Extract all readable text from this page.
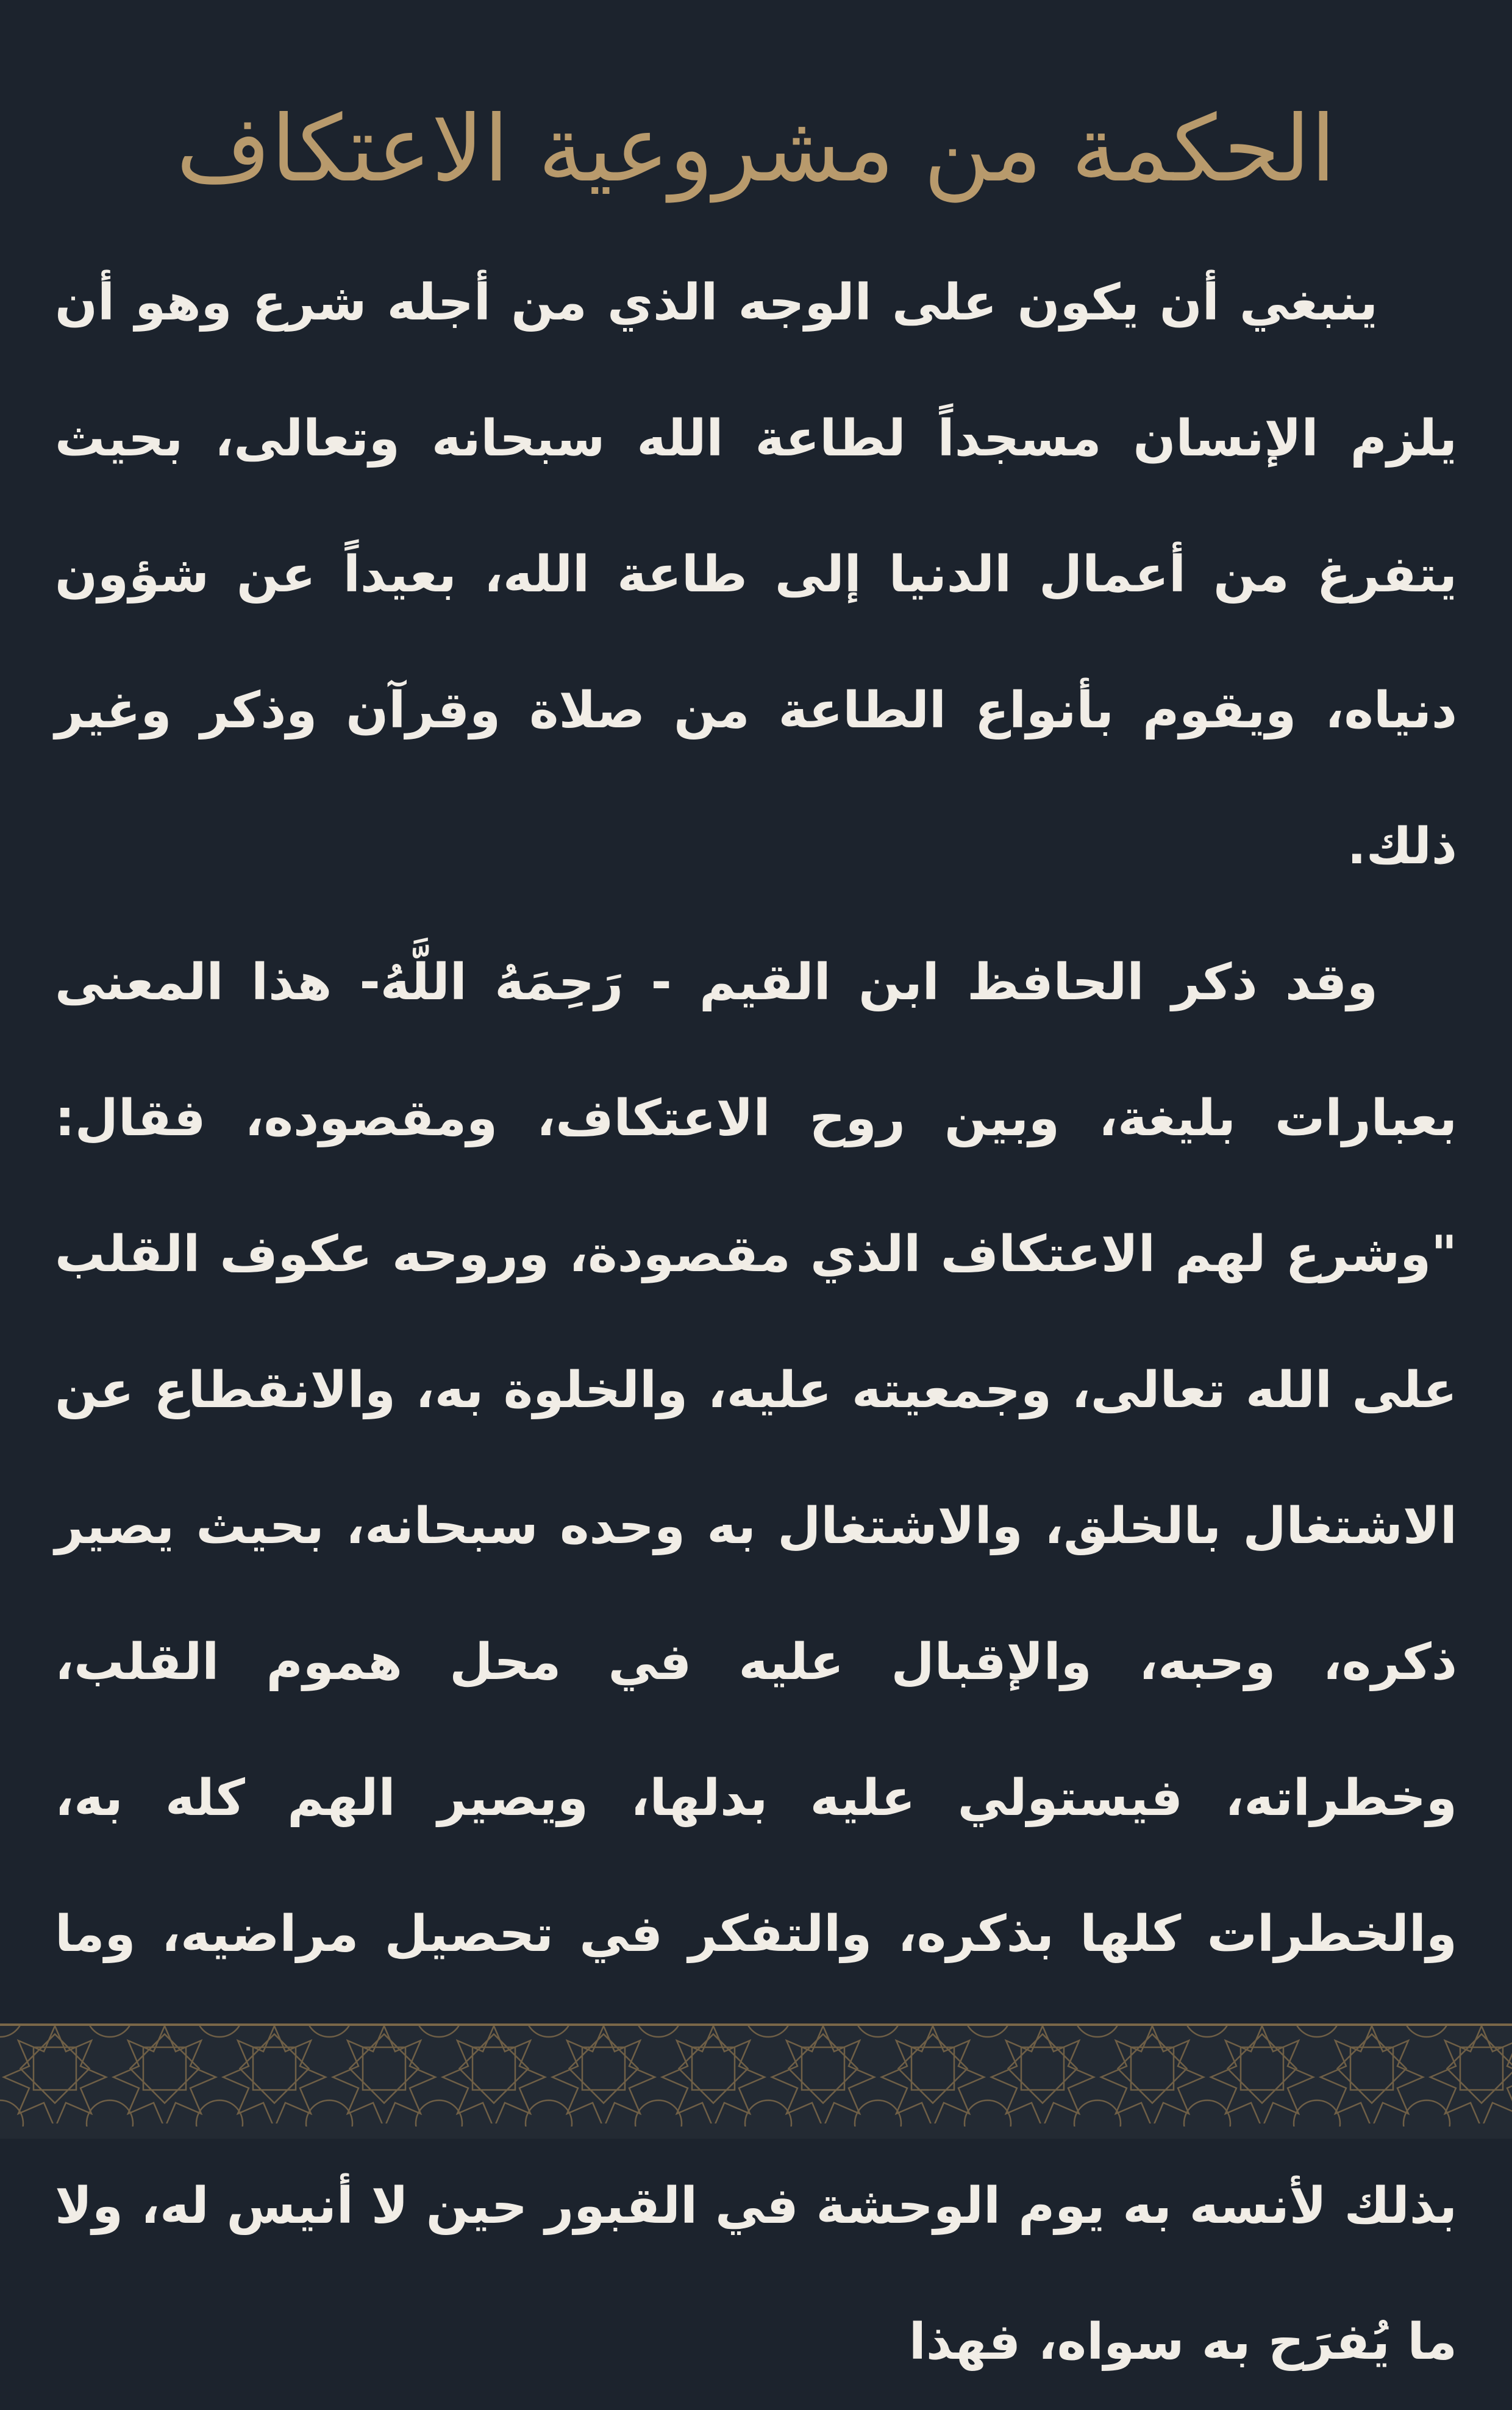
الحكمة من مشروعية الاعتكاف

ينبغي أن يكون على الوجه الذي من أجله شرع وهو أن يلزم الإنسان مسجداً لطاعة الله سبحانه وتعالى، بحيث يتفرغ من أعمال الدنيا إلى طاعة الله، بعيداً عن شؤون دنياه، ويقوم بأنواع الطاعة من صلاة وقرآن وذكر وغير ذلك.

وقد ذكر الحافظ ابن القيم - رَحِمَهُ اللَّهُ- هذا المعنى بعبارات بليغة، وبين روح الاعتكاف، ومقصوده، فقال: "وشرع لهم الاعتكاف الذي مقصودة، وروحه عكوف القلب على الله تعالى، وجمعيته عليه، والخلوة به، والانقطاع عن الاشتغال بالخلق، والاشتغال به وحده سبحانه، بحيث يصير ذكره، وحبه، والإقبال عليه في محل هموم القلب، وخطراته، فيستولي عليه بدلها، ويصير الهم كله به، والخطرات كلها بذكره، والتفكر في تحصيل مراضيه، وما بذلك لأنسه به يوم الوحشة في القبور حين لا أنيس له، ولا ما يُفرَح به سواه، فهذا
